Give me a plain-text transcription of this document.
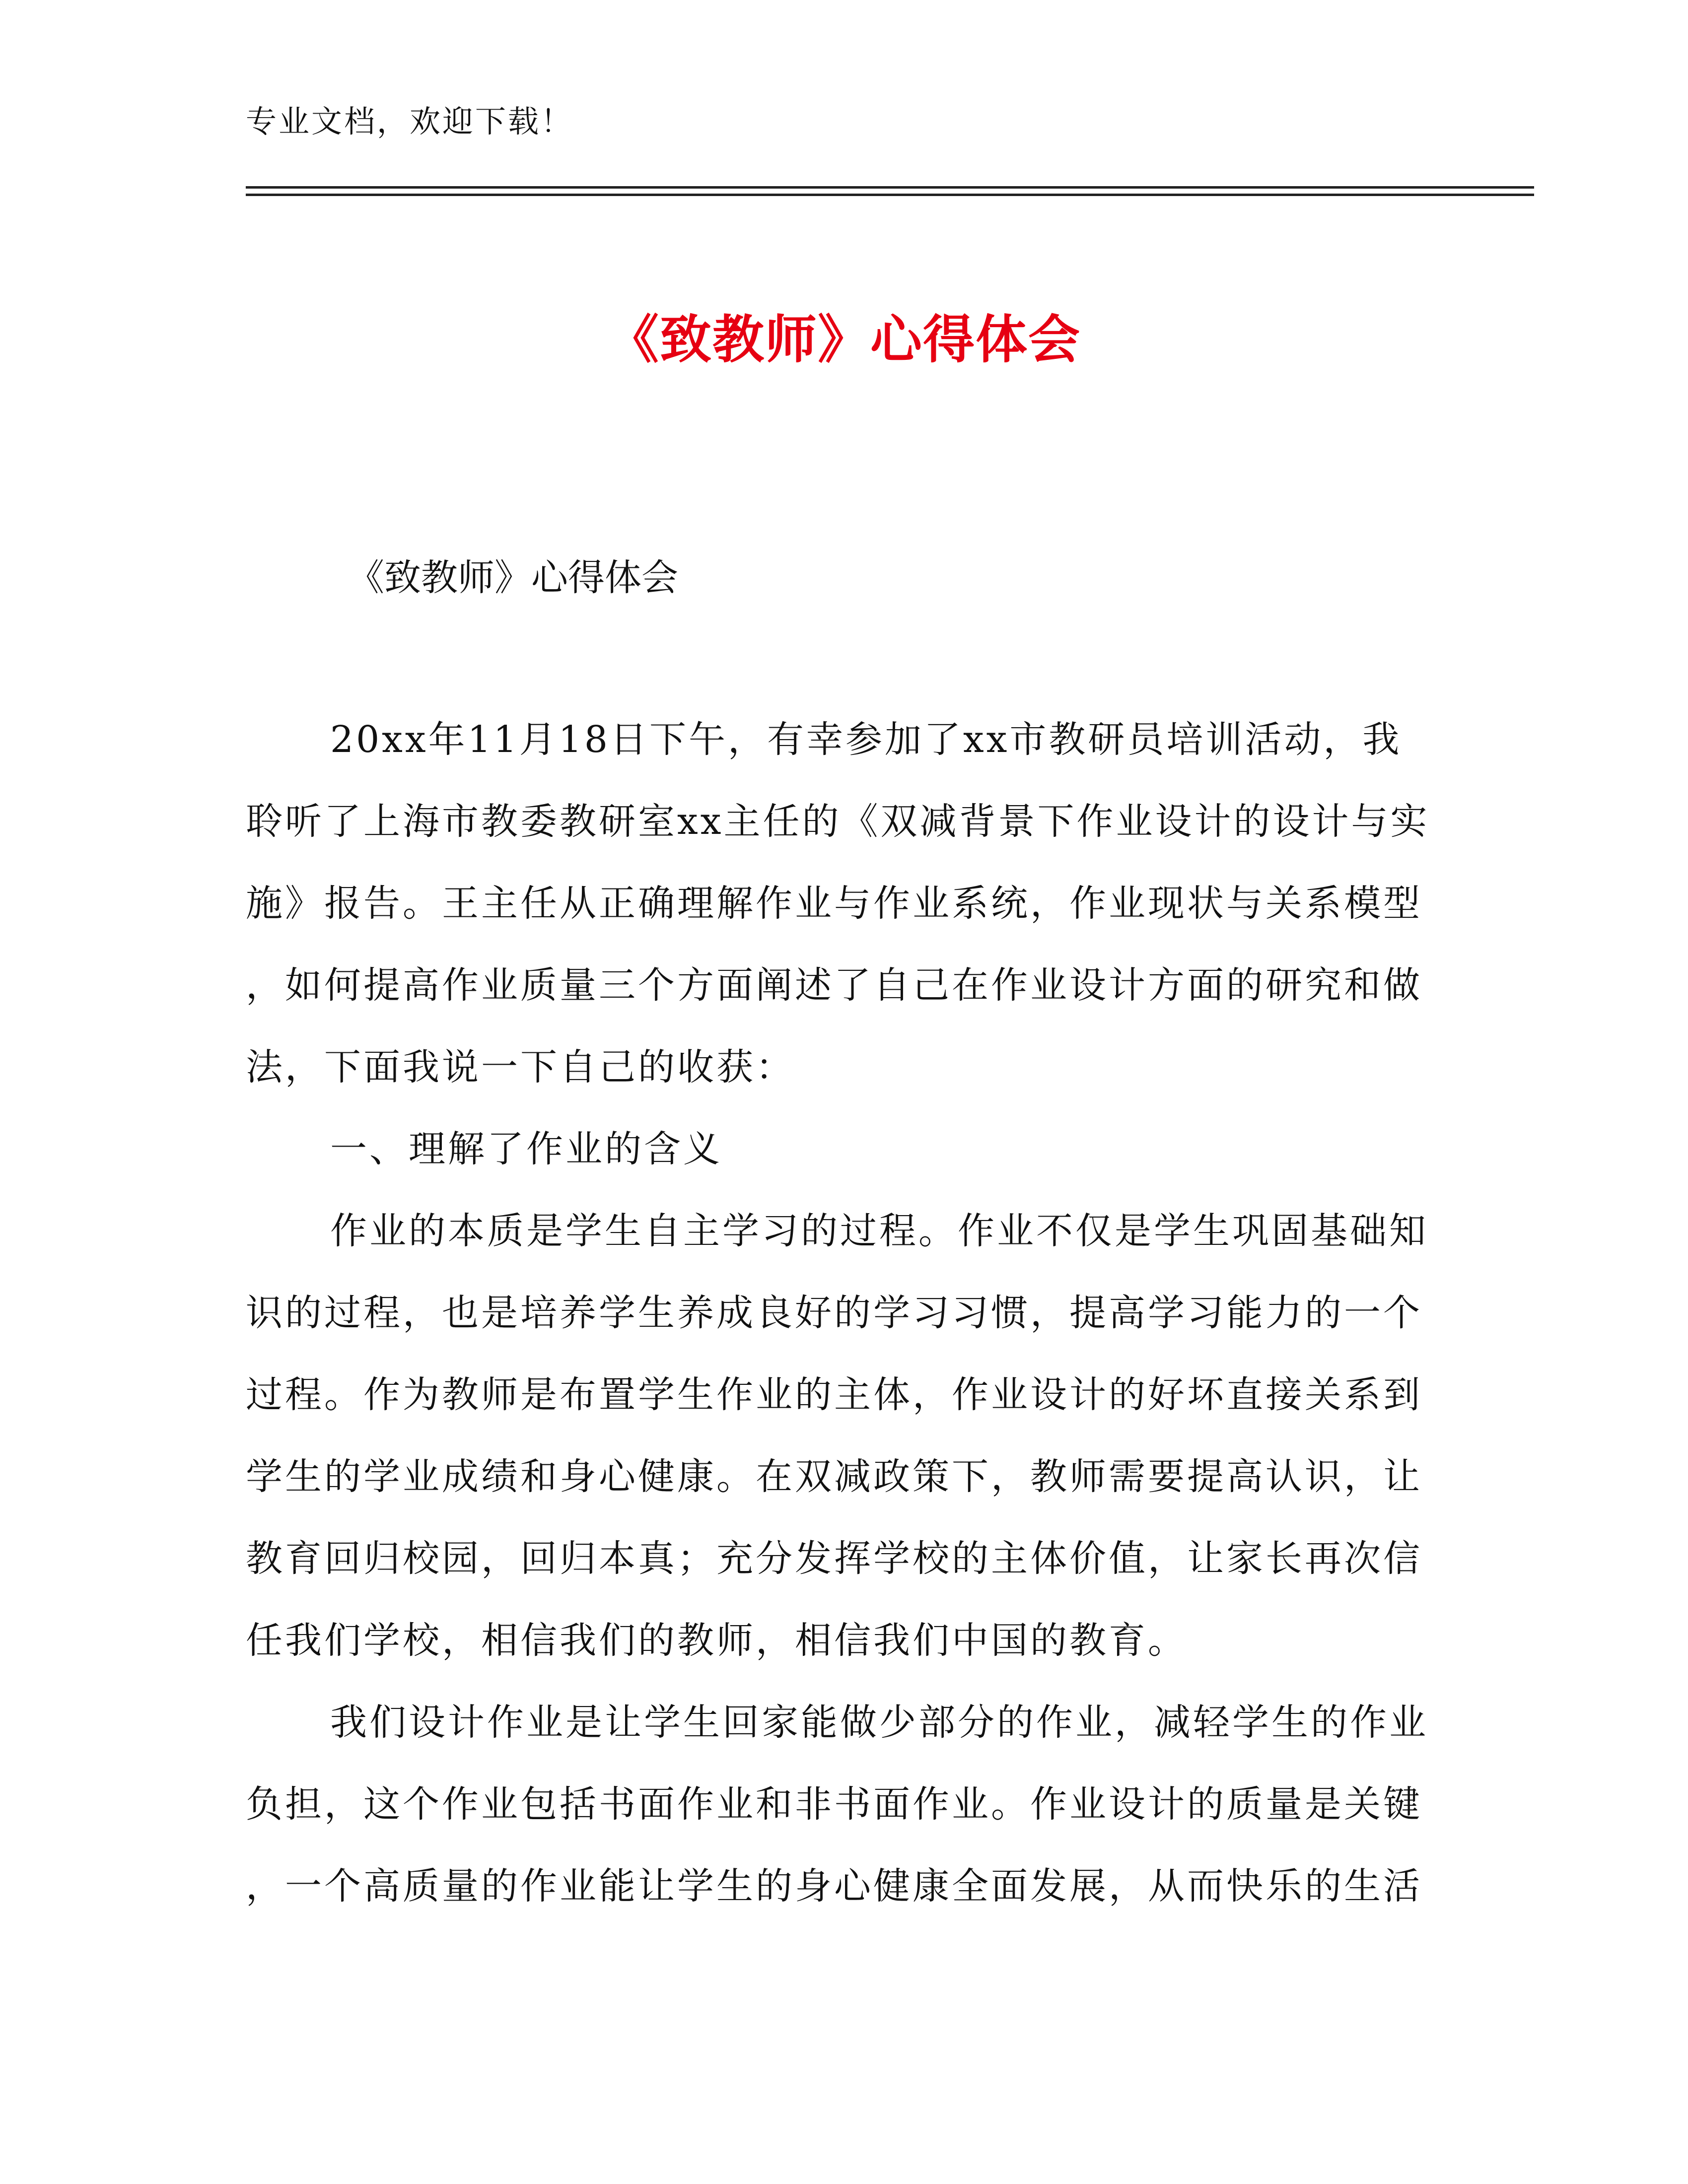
专业文档，欢迎下载！
《致教师》心得体会
《致教师》心得体会
20xx年11月18日下午，有幸参加了xx市教研员培训活动，我
聆听了上海市教委教研室xx主任的《双减背景下作业设计的设计与实
施》报告。王主任从正确理解作业与作业系统，作业现状与关系模型
，如何提高作业质量三个方面阐述了自己在作业设计方面的研究和做
法，下面我说一下自己的收获：
一、理解了作业的含义
作业的本质是学生自主学习的过程。作业不仅是学生巩固基础知
识的过程，也是培养学生养成良好的学习习惯，提高学习能力的一个
过程。作为教师是布置学生作业的主体，作业设计的好坏直接关系到
学生的学业成绩和身心健康。在双减政策下，教师需要提高认识，让
教育回归校园，回归本真；充分发挥学校的主体价值，让家长再次信
任我们学校，相信我们的教师，相信我们中国的教育。
我们设计作业是让学生回家能做少部分的作业，减轻学生的作业
负担，这个作业包括书面作业和非书面作业。作业设计的质量是关键
，一个高质量的作业能让学生的身心健康全面发展，从而快乐的生活
